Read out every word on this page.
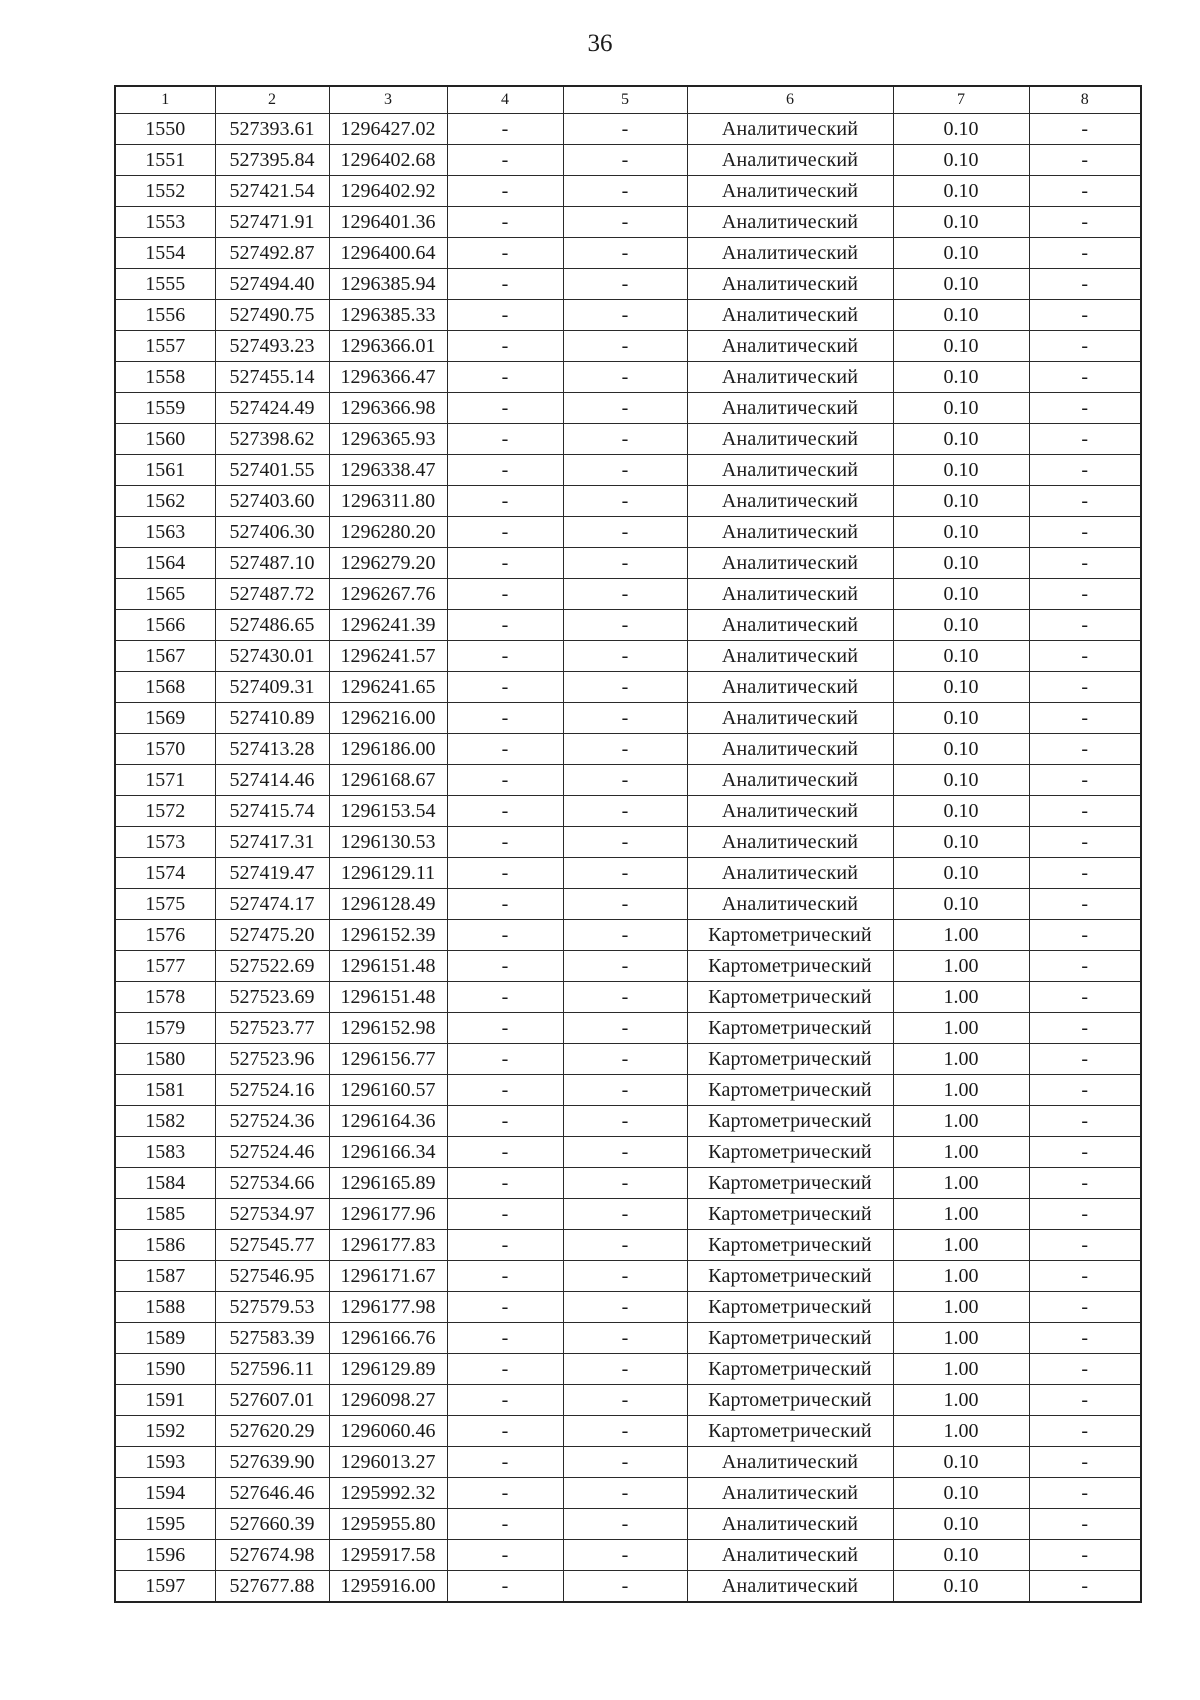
36
1	2	3	4	5	6	7	8
1550	527393.61	1296427.02	-	-	Аналитический	0.10	-
1551	527395.84	1296402.68	-	-	Аналитический	0.10	-
1552	527421.54	1296402.92	-	-	Аналитический	0.10	-
1553	527471.91	1296401.36	-	-	Аналитический	0.10	-
1554	527492.87	1296400.64	-	-	Аналитический	0.10	-
1555	527494.40	1296385.94	-	-	Аналитический	0.10	-
1556	527490.75	1296385.33	-	-	Аналитический	0.10	-
1557	527493.23	1296366.01	-	-	Аналитический	0.10	-
1558	527455.14	1296366.47	-	-	Аналитический	0.10	-
1559	527424.49	1296366.98	-	-	Аналитический	0.10	-
1560	527398.62	1296365.93	-	-	Аналитический	0.10	-
1561	527401.55	1296338.47	-	-	Аналитический	0.10	-
1562	527403.60	1296311.80	-	-	Аналитический	0.10	-
1563	527406.30	1296280.20	-	-	Аналитический	0.10	-
1564	527487.10	1296279.20	-	-	Аналитический	0.10	-
1565	527487.72	1296267.76	-	-	Аналитический	0.10	-
1566	527486.65	1296241.39	-	-	Аналитический	0.10	-
1567	527430.01	1296241.57	-	-	Аналитический	0.10	-
1568	527409.31	1296241.65	-	-	Аналитический	0.10	-
1569	527410.89	1296216.00	-	-	Аналитический	0.10	-
1570	527413.28	1296186.00	-	-	Аналитический	0.10	-
1571	527414.46	1296168.67	-	-	Аналитический	0.10	-
1572	527415.74	1296153.54	-	-	Аналитический	0.10	-
1573	527417.31	1296130.53	-	-	Аналитический	0.10	-
1574	527419.47	1296129.11	-	-	Аналитический	0.10	-
1575	527474.17	1296128.49	-	-	Аналитический	0.10	-
1576	527475.20	1296152.39	-	-	Картометрический	1.00	-
1577	527522.69	1296151.48	-	-	Картометрический	1.00	-
1578	527523.69	1296151.48	-	-	Картометрический	1.00	-
1579	527523.77	1296152.98	-	-	Картометрический	1.00	-
1580	527523.96	1296156.77	-	-	Картометрический	1.00	-
1581	527524.16	1296160.57	-	-	Картометрический	1.00	-
1582	527524.36	1296164.36	-	-	Картометрический	1.00	-
1583	527524.46	1296166.34	-	-	Картометрический	1.00	-
1584	527534.66	1296165.89	-	-	Картометрический	1.00	-
1585	527534.97	1296177.96	-	-	Картометрический	1.00	-
1586	527545.77	1296177.83	-	-	Картометрический	1.00	-
1587	527546.95	1296171.67	-	-	Картометрический	1.00	-
1588	527579.53	1296177.98	-	-	Картометрический	1.00	-
1589	527583.39	1296166.76	-	-	Картометрический	1.00	-
1590	527596.11	1296129.89	-	-	Картометрический	1.00	-
1591	527607.01	1296098.27	-	-	Картометрический	1.00	-
1592	527620.29	1296060.46	-	-	Картометрический	1.00	-
1593	527639.90	1296013.27	-	-	Аналитический	0.10	-
1594	527646.46	1295992.32	-	-	Аналитический	0.10	-
1595	527660.39	1295955.80	-	-	Аналитический	0.10	-
1596	527674.98	1295917.58	-	-	Аналитический	0.10	-
1597	527677.88	1295916.00	-	-	Аналитический	0.10	-
